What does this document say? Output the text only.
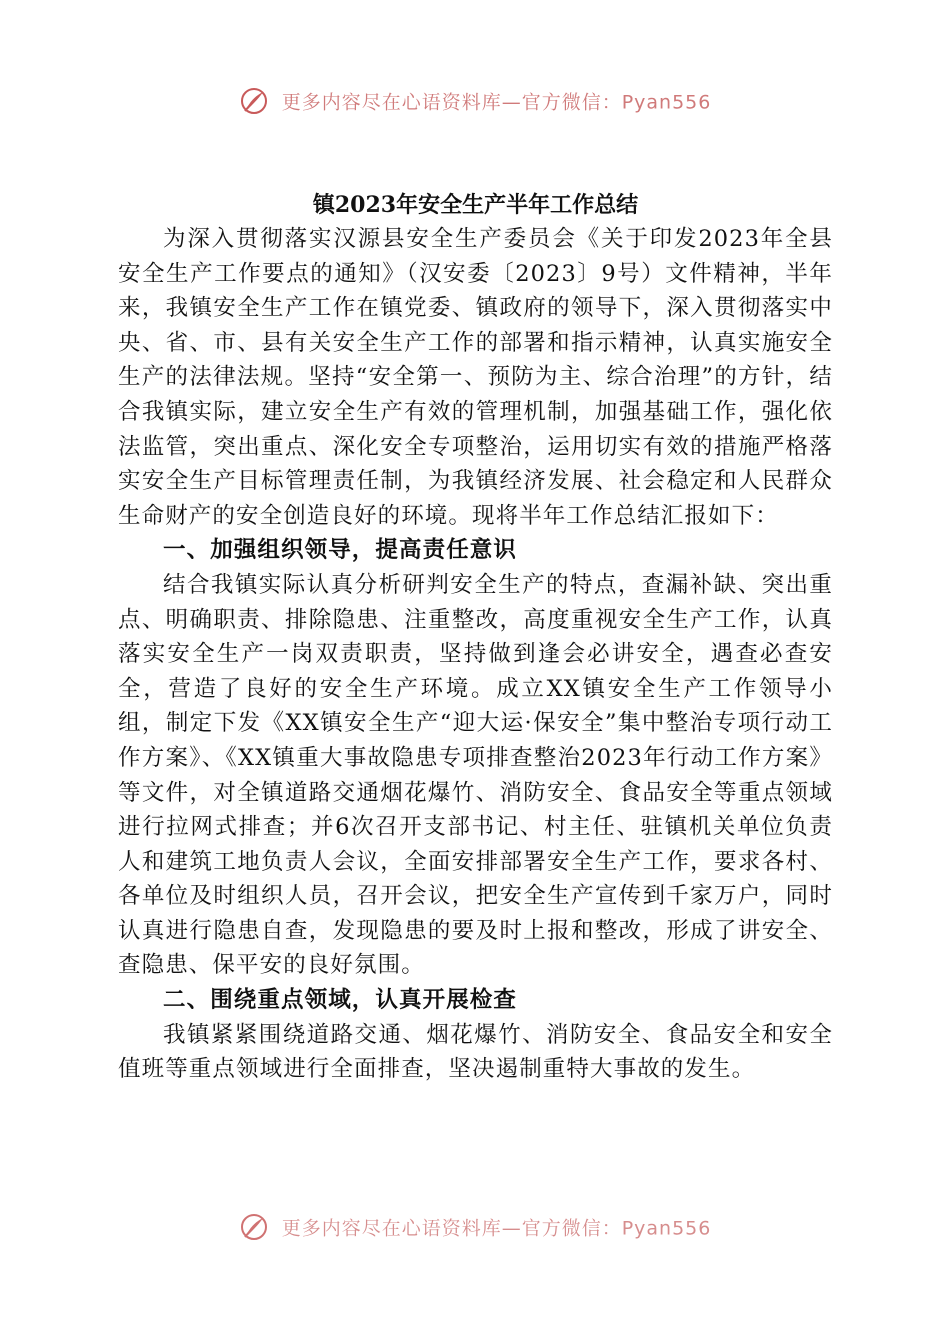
更多内容尽在心语资料库—官方微信：Pyan556
镇2023年安全生产半年工作总结

为深入贯彻落实汉源县安全生产委员会《关于印发2023年全县安全生产工作要点的通知》（汉安委〔2023〕9号）文件精神，半年来，我镇安全生产工作在镇党委、镇政府的领导下，深入贯彻落实中央、省、市、县有关安全生产工作的部署和指示精神，认真实施安全生产的法律法规。坚持“安全第一、预防为主、综合治理”的方针，结合我镇实际，建立安全生产有效的管理机制，加强基础工作，强化依法监管，突出重点、深化安全专项整治，运用切实有效的措施严格落实安全生产目标管理责任制，为我镇经济发展、社会稳定和人民群众生命财产的安全创造良好的环境。现将半年工作总结汇报如下：

一、加强组织领导，提高责任意识

结合我镇实际认真分析研判安全生产的特点，查漏补缺、突出重点、明确职责、排除隐患、注重整改，高度重视安全生产工作，认真落实安全生产一岗双责职责，坚持做到逢会必讲安全，遇查必查安全，营造了良好的安全生产环境。成立XX镇安全生产工作领导小组，制定下发《XX镇安全生产“迎大运·保安全”集中整治专项行动工作方案》、《XX镇重大事故隐患专项排查整治2023年行动工作方案》等文件，对全镇道路交通烟花爆竹、消防安全、食品安全等重点领域进行拉网式排查；并6次召开支部书记、村主任、驻镇机关单位负责人和建筑工地负责人会议，全面安排部署安全生产工作，要求各村、各单位及时组织人员，召开会议，把安全生产宣传到千家万户，同时认真进行隐患自查，发现隐患的要及时上报和整改，形成了讲安全、查隐患、保平安的良好氛围。

二、围绕重点领域，认真开展检查

我镇紧紧围绕道路交通、烟花爆竹、消防安全、食品安全和安全值班等重点领域进行全面排查，坚决遏制重特大事故的发生。

更多内容尽在心语资料库—官方微信：Pyan556
